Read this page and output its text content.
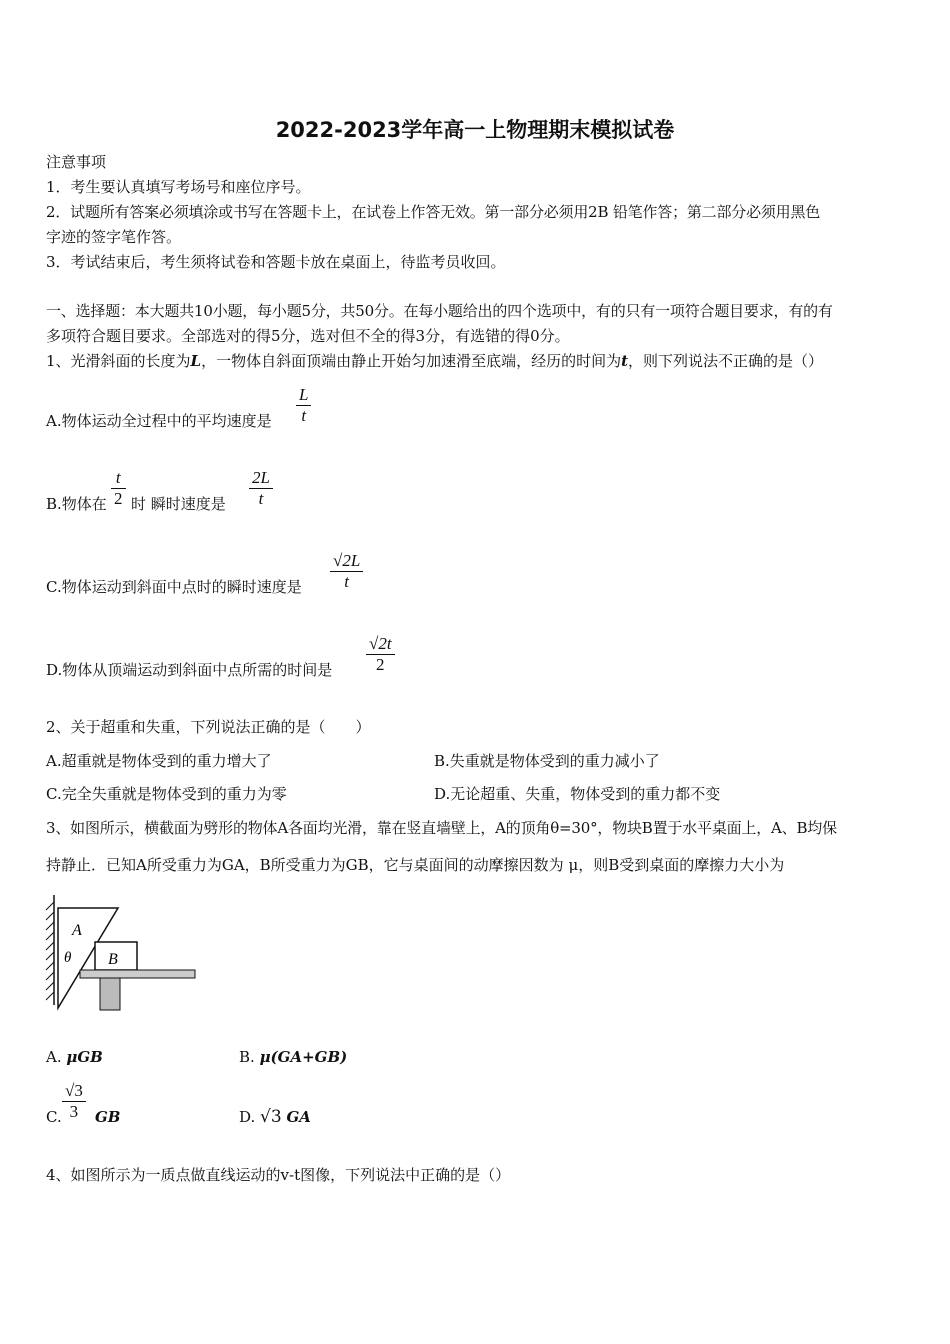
2022-2023学年高一上物理期末模拟试卷
注意事项
1．考生要认真填写考场号和座位序号。
2．试题所有答案必须填涂或书写在答题卡上，在试卷上作答无效。第一部分必须用2B 铅笔作答；第二部分必须用黑色
字迹的签字笔作答。
3．考试结束后，考生须将试卷和答题卡放在桌面上，待监考员收回。
一、选择题：本大题共10小题，每小题5分，共50分。在每小题给出的四个选项中，有的只有一项符合题目要求，有的有
多项符合题目要求。全部选对的得5分，选对但不全的得3分，有选错的得0分。
1、光滑斜面的长度为L，一物体自斜面顶端由静止开始匀加速滑至底端，经历的时间为t，则下列说法不正确的是（）
A.物体运动全过程中的平均速度是 $\frac{L}{t}$
B.物体在 $\frac{t}{2}$ 时 瞬时速度是 $\frac{2L}{t}$
C.物体运动到斜面中点时的瞬时速度是 $\frac{√2L}{t}$
D.物体从顶端运动到斜面中点所需的时间是 $\frac{√2t}{2}$
2、关于超重和失重，下列说法正确的是（　　）
A.超重就是物体受到的重力增大了	B.失重就是物体受到的重力减小了
C.完全失重就是物体受到的重力为零	D.无论超重、失重，物体受到的重力都不变
3、如图所示，横截面为劈形的物体A各面均光滑，靠在竖直墙壁上，A的顶角θ=30°，物块B置于水平桌面上，A、B均保
持静止．已知A所受重力为GA，B所受重力为GB，它与桌面间的动摩擦因数为 μ，则B受到桌面的摩擦力大小为
A
B
θ
A. μGB	B. μ(GA+GB)
C. $\frac{√3}{3}$ GB	D. √3 GA
4、如图所示为一质点做直线运动的v-t图像，下列说法中正确的是（）
